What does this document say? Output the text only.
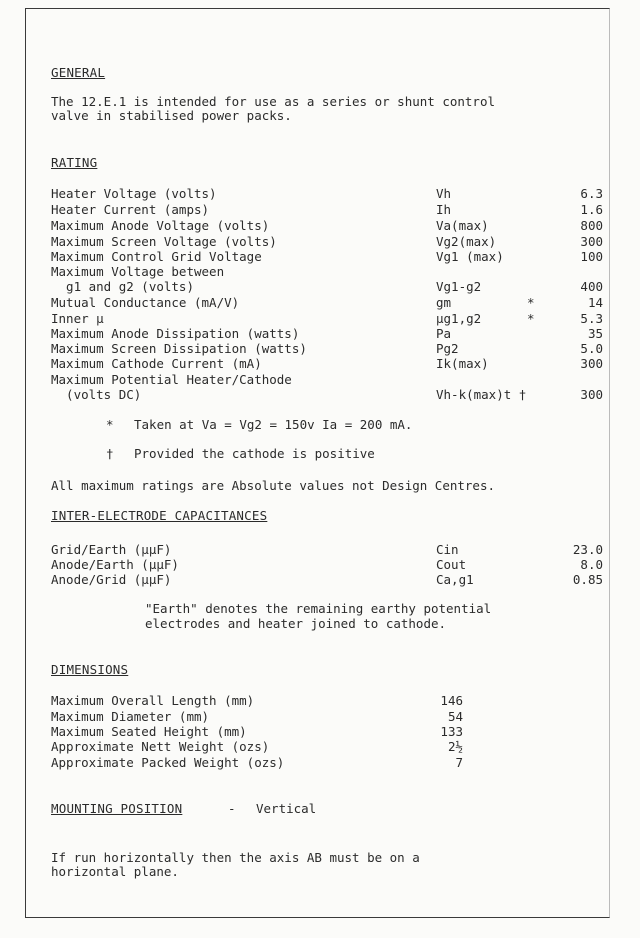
GENERAL
The 12.E.1 is intended for use as a series or shunt control
valve in stabilised power packs.
RATING
Heater Voltage (volts)	Vh	6.3
Heater Current (amps)	Ih	1.6
Maximum Anode Voltage (volts)	Va(max)	800
Maximum Screen Voltage (volts)	Vg2(max)	300
Maximum Control Grid Voltage	Vg1 (max)	100
Maximum Voltage between
g1 and g2 (volts)	Vg1-g2	400
Mutual Conductance (mA/V)	gm	*	14
Inner μ	μg1,g2	*	5.3
Maximum Anode Dissipation (watts)	Pa	35
Maximum Screen Dissipation (watts)	Pg2	5.0
Maximum Cathode Current (mA)	Ik(max)	300
Maximum Potential Heater/Cathode
(volts DC)	Vh-k(max)t †	300
* Taken at Va = Vg2 = 150v Ia = 200 mA.
† Provided the cathode is positive
All maximum ratings are Absolute values not Design Centres.
INTER-ELECTRODE CAPACITANCES
Grid/Earth (μμF)	Cin	23.0
Anode/Earth (μμF)	Cout	8.0
Anode/Grid (μμF)	Ca,g1	0.85
"Earth" denotes the remaining earthy potential
electrodes and heater joined to cathode.
DIMENSIONS
Maximum Overall Length (mm)	146
Maximum Diameter (mm)	54
Maximum Seated Height (mm)	133
Approximate Nett Weight (ozs)	2½
Approximate Packed Weight (ozs)	7
MOUNTING POSITION	- Vertical
If run horizontally then the axis AB must be on a
horizontal plane.
